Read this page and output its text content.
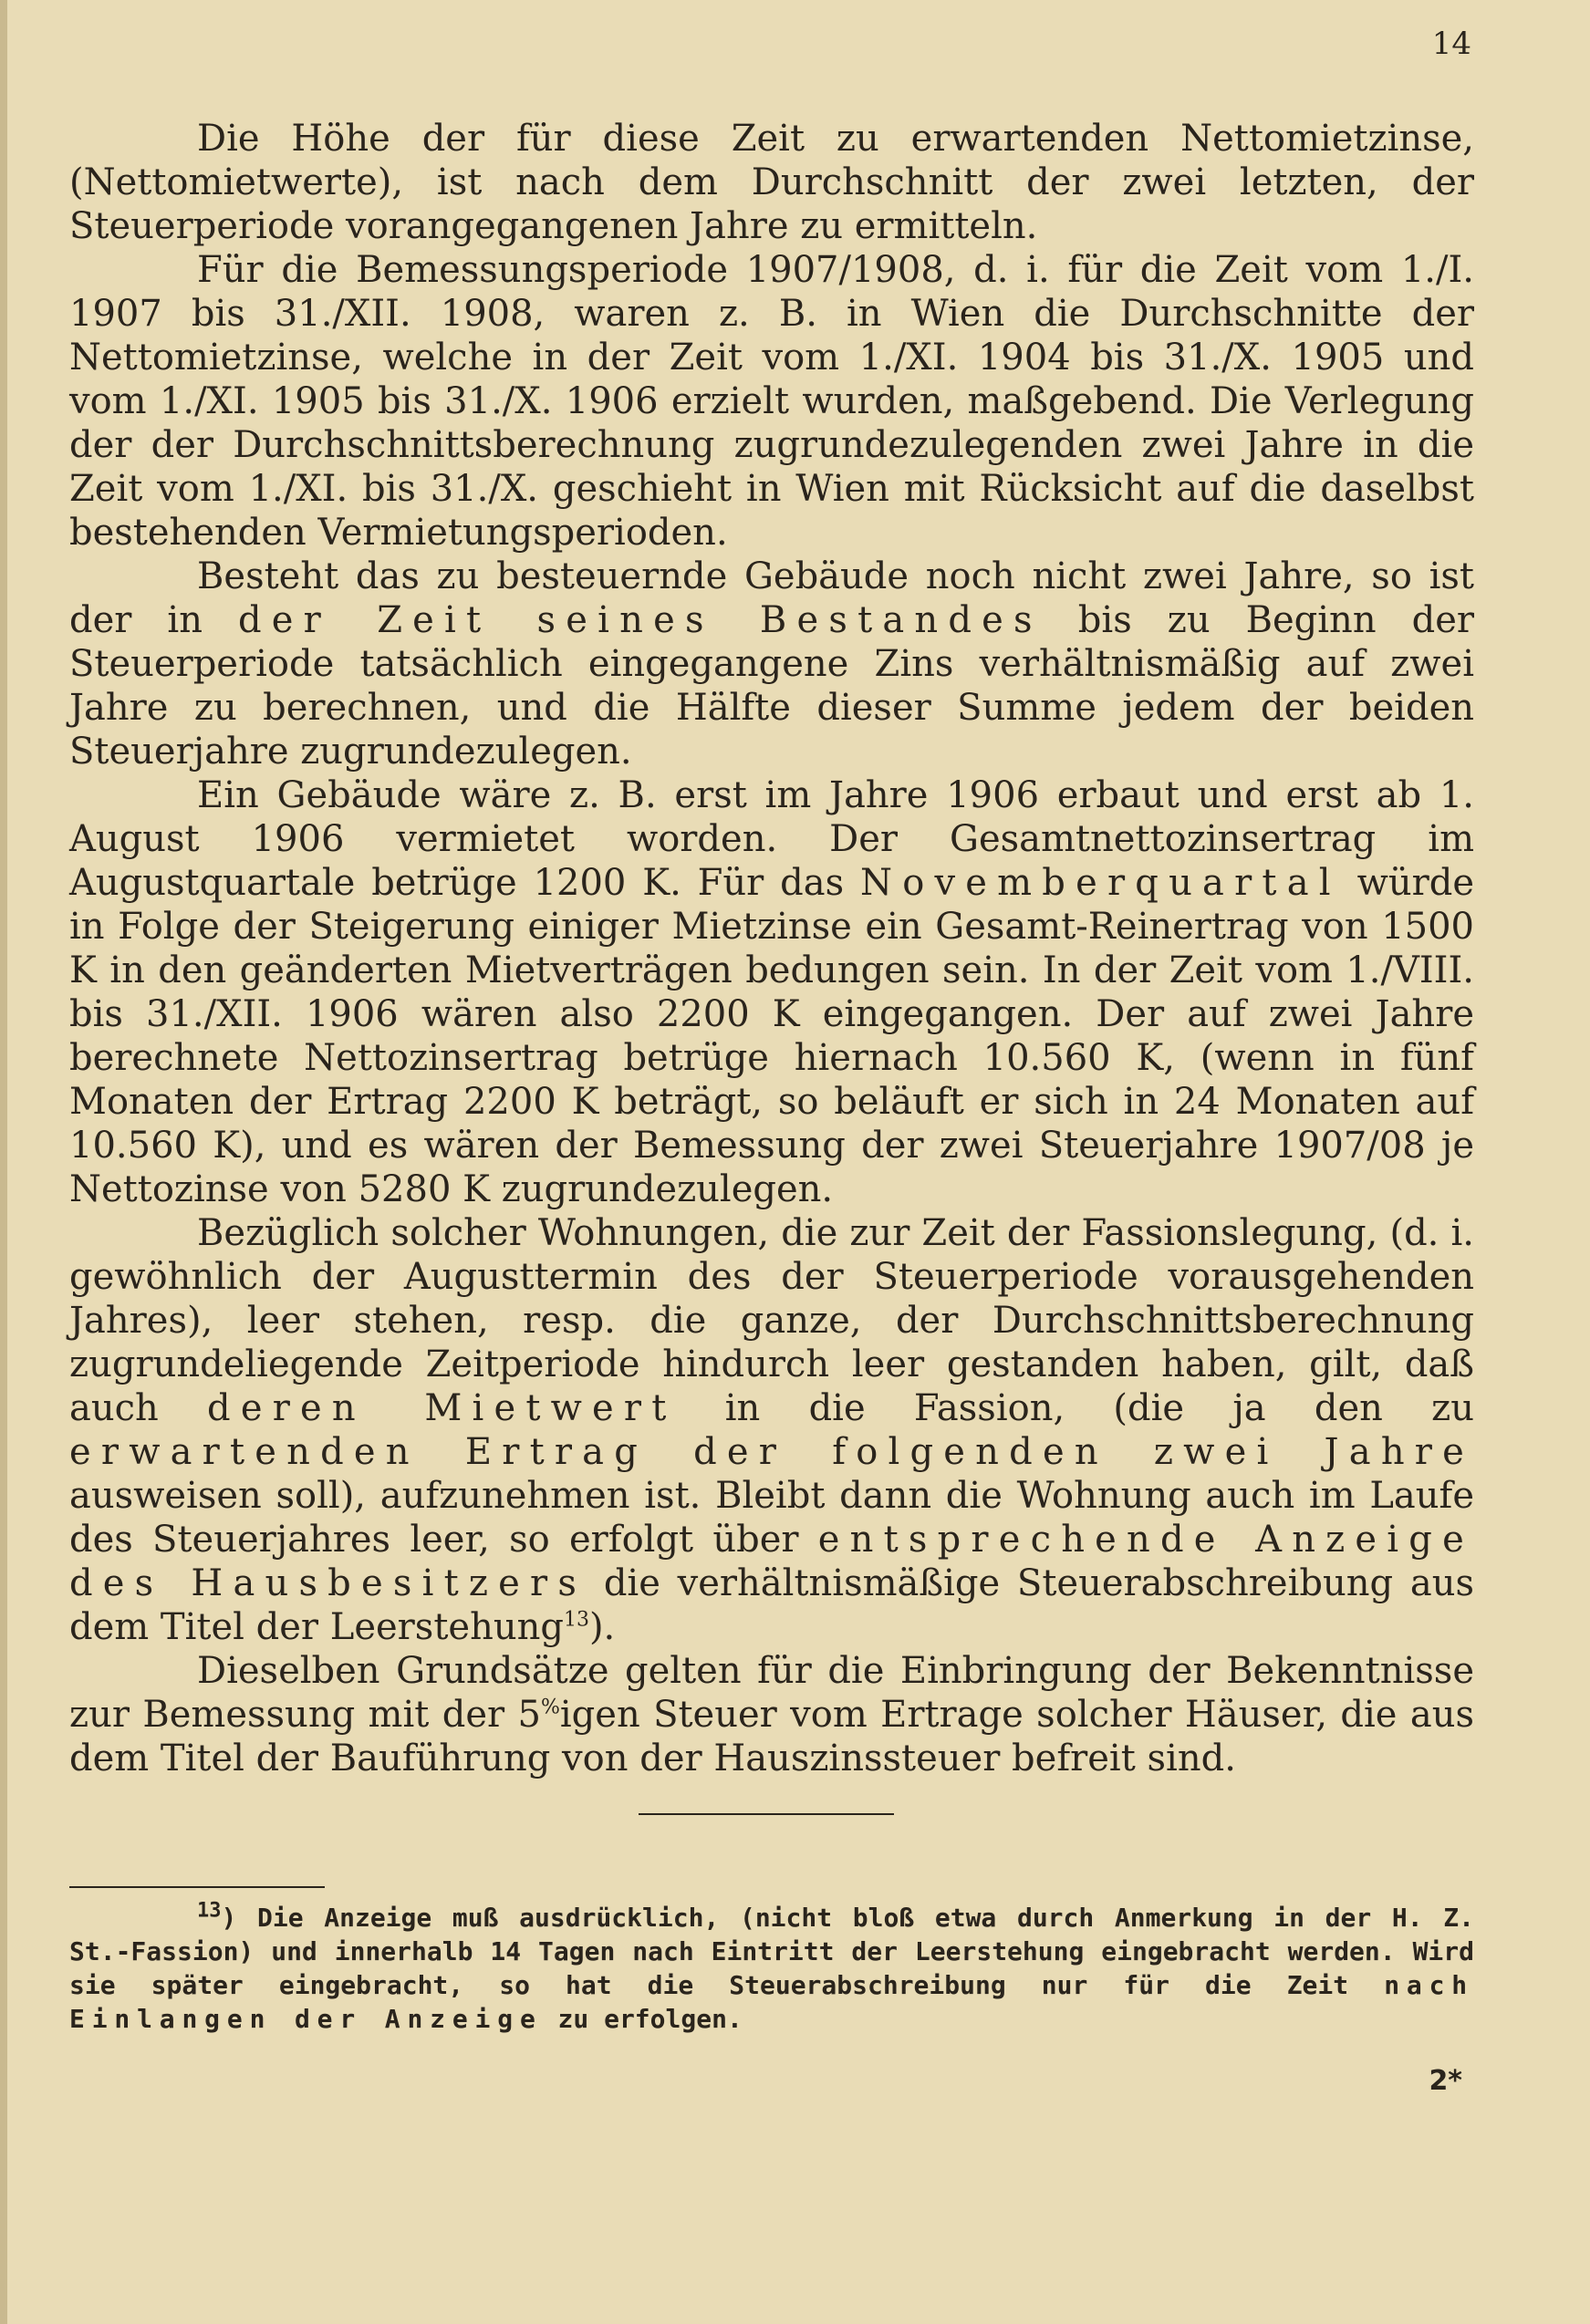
14

Die Höhe der für diese Zeit zu erwartenden Nettomietzinse, (Nettomietwerte), ist nach dem Durchschnitt der zwei letzten, der Steuerperiode vorangegangenen Jahre zu ermitteln.

Für die Bemessungsperiode 1907/1908, d. i. für die Zeit vom 1./I. 1907 bis 31./XII. 1908, waren z. B. in Wien die Durchschnitte der Nettomietzinse, welche in der Zeit vom 1./XI. 1904 bis 31./X. 1905 und vom 1./XI. 1905 bis 31./X. 1906 erzielt wurden, maßgebend. Die Verlegung der der Durchschnittsberechnung zugrundezulegenden zwei Jahre in die Zeit vom 1./XI. bis 31./X. geschieht in Wien mit Rücksicht auf die daselbst bestehenden Vermietungsperioden.

Besteht das zu besteuernde Gebäude noch nicht zwei Jahre, so ist der in der Zeit seines Bestandes bis zu Beginn der Steuerperiode tatsächlich eingegangene Zins verhältnismäßig auf zwei Jahre zu berechnen, und die Hälfte dieser Summe jedem der beiden Steuerjahre zugrundezulegen.

Ein Gebäude wäre z. B. erst im Jahre 1906 erbaut und erst ab 1. August 1906 vermietet worden. Der Gesamtnettozinsertrag im Augustquartale betrüge 1200 K. Für das Novemberquartal würde in Folge der Steigerung einiger Mietzinse ein Gesamt-Reinertrag von 1500 K in den geänderten Mietverträgen bedungen sein. In der Zeit vom 1./VIII. bis 31./XII. 1906 wären also 2200 K eingegangen. Der auf zwei Jahre berechnete Nettozinsertrag betrüge hiernach 10.560 K, (wenn in fünf Monaten der Ertrag 2200 K beträgt, so beläuft er sich in 24 Monaten auf 10.560 K), und es wären der Bemessung der zwei Steuerjahre 1907/08 je Nettozinse von 5280 K zugrundezulegen.

Bezüglich solcher Wohnungen, die zur Zeit der Fassionslegung, (d. i. gewöhnlich der Augusttermin des der Steuerperiode vorausgehenden Jahres), leer stehen, resp. die ganze, der Durchschnittsberechnung zugrundeliegende Zeitperiode hindurch leer gestanden haben, gilt, daß auch deren Mietwert in die Fassion, (die ja den zu erwartenden Ertrag der folgenden zwei Jahre ausweisen soll), aufzunehmen ist. Bleibt dann die Wohnung auch im Laufe des Steuerjahres leer, so erfolgt über entsprechende Anzeige des Hausbesitzers die verhältnismäßige Steuerabschreibung aus dem Titel der Leerstehung$^{13}$).

Dieselben Grundsätze gelten für die Einbringung der Bekenntnisse zur Bemessung mit der 5%igen Steuer vom Ertrage solcher Häuser, die aus dem Titel der Bauführung von der Hauszinssteuer befreit sind.

$^{13}$) Die Anzeige muß ausdrücklich, (nicht bloß etwa durch Anmerkung in der H. Z. St.-Fassion) und innerhalb 14 Tagen nach Eintritt der Leerstehung eingebracht werden. Wird sie später eingebracht, so hat die Steuerabschreibung nur für die Zeit nach Einlangen der Anzeige zu erfolgen.
2*
